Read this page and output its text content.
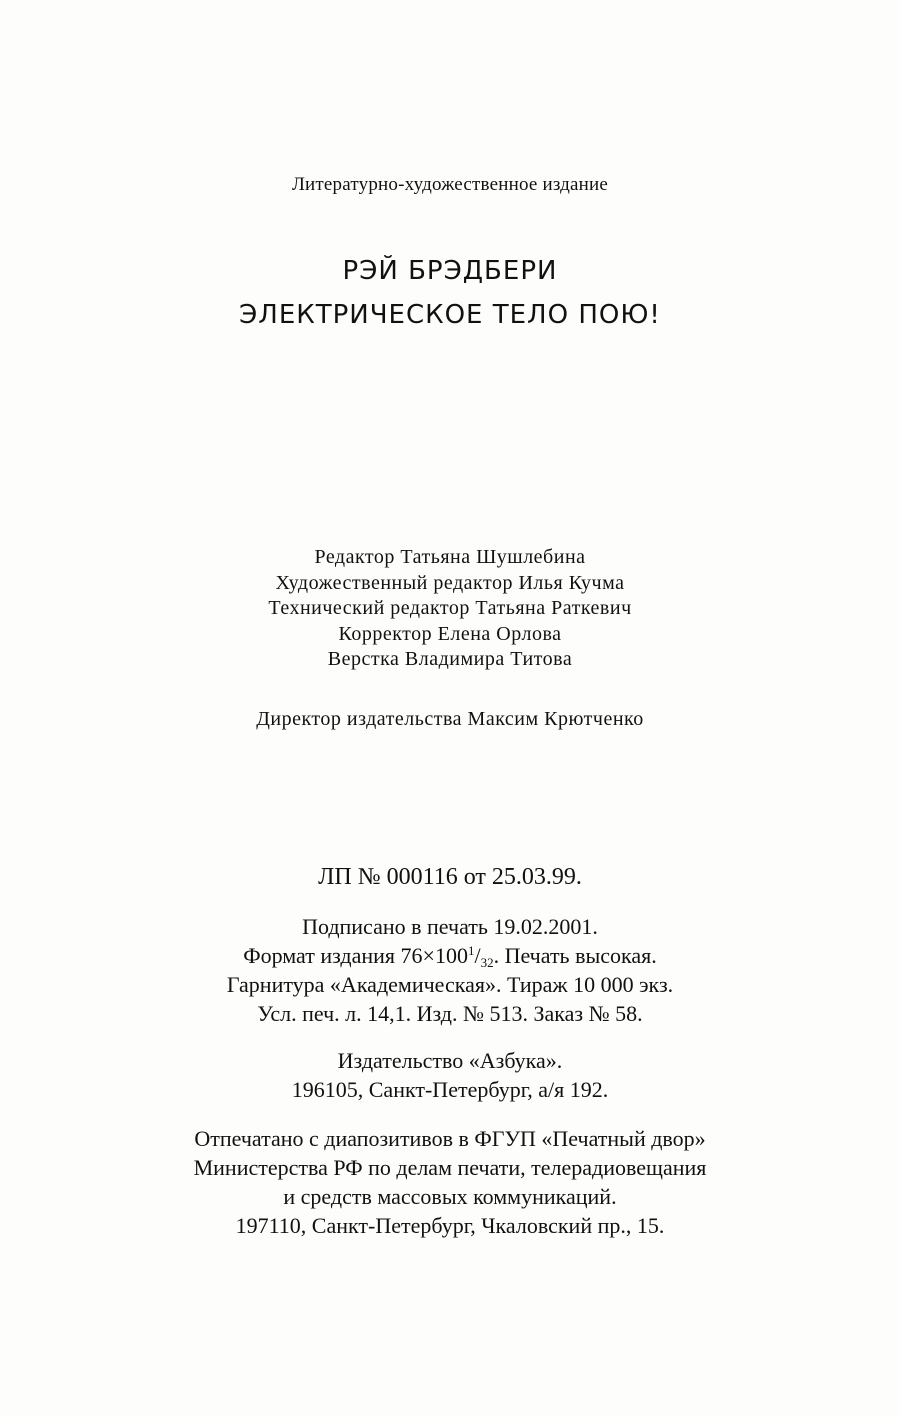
Литературно-художественное издание
РЭЙ БРЭДБЕРИ
ЭЛЕКТРИЧЕСКОЕ ТЕЛО ПОЮ!
Редактор Татьяна Шушлебина
Художественный редактор Илья Кучма
Технический редактор Татьяна Раткевич
Корректор Елена Орлова
Верстка Владимира Титова
Директор издательства Максим Крютченко
ЛП № 000116 от 25.03.99.
Подписано в печать 19.02.2001.
Формат издания $76\times 100^1/_{32}$. Печать высокая.
Гарнитура «Академическая». Тираж 10 000 экз.
Усл. печ. л. 14,1. Изд. № 513. Заказ № 58.
Издательство «Азбука».
196105, Санкт-Петербург, а/я 192.
Отпечатано с диапозитивов в ФГУП «Печатный двор»
Министерства РФ по делам печати, телерадиовещания
и средств массовых коммуникаций.
197110, Санкт-Петербург, Чкаловский пр., 15.
